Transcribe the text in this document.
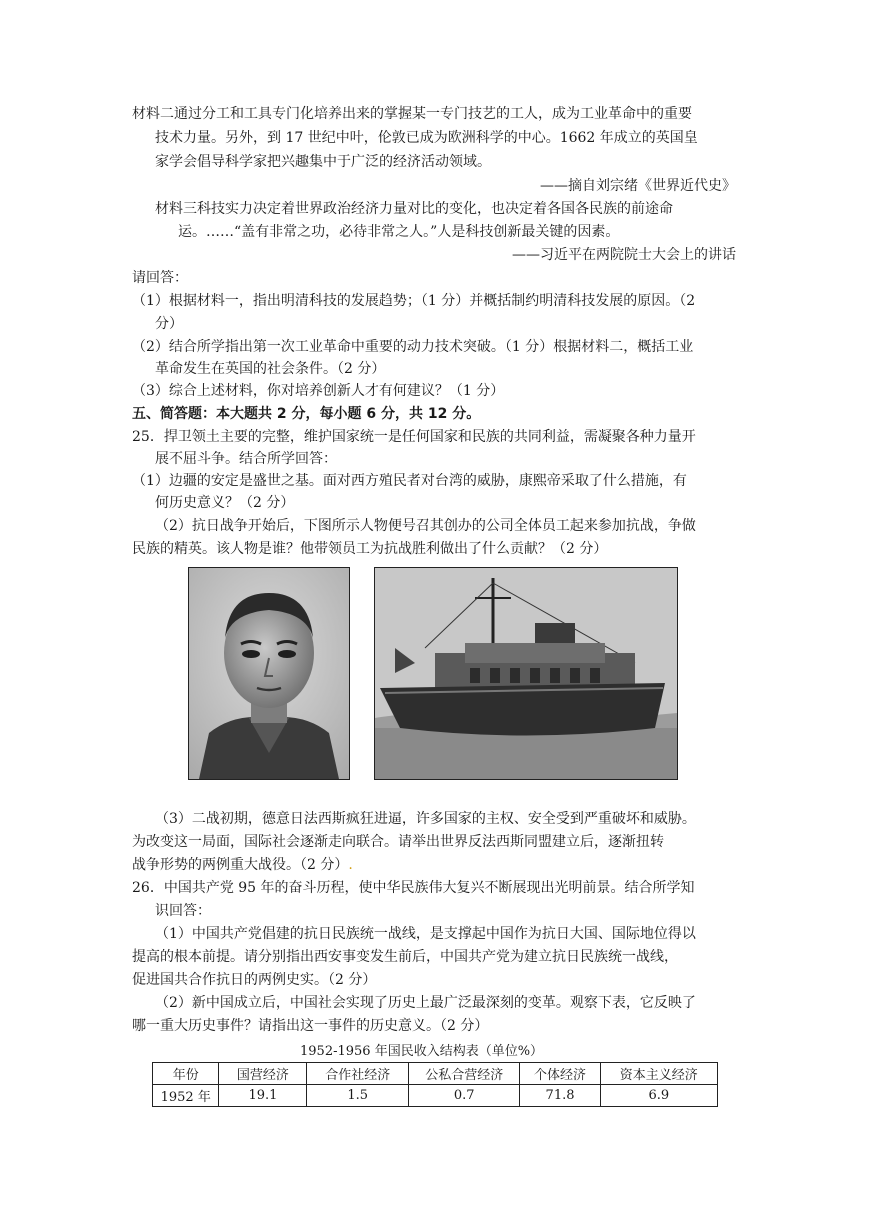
材料二通过分工和工具专门化培养出来的掌握某一专门技艺的工人，成为工业革命中的重要
技术力量。另外，到 17 世纪中叶，伦敦已成为欧洲科学的中心。1662 年成立的英国皇
家学会倡导科学家把兴趣集中于广泛的经济活动领域。
——摘自刘宗绪《世界近代史》
材料三科技实力决定着世界政治经济力量对比的变化，也决定着各国各民族的前途命
运。……“盖有非常之功，必待非常之人。”人是科技创新最关键的因素。
——习近平在两院院士大会上的讲话
请回答：
（1）根据材料一，指出明清科技的发展趋势；（1 分）并概括制约明清科技发展的原因。（2
分）
（2）结合所学指出第一次工业革命中重要的动力技术突破。（1 分）根据材料二，概括工业
革命发生在英国的社会条件。（2 分）
（3）综合上述材料，你对培养创新人才有何建议？（1 分）
五、简答题：本大题共 2 分，每小题 6 分，共 12 分。
25．捍卫领土主要的完整，维护国家统一是任何国家和民族的共同利益，需凝聚各种力量开
展不屈斗争。结合所学回答：
（1）边疆的安定是盛世之基。面对西方殖民者对台湾的威胁，康熙帝采取了什么措施，有
何历史意义？（2 分）
（2）抗日战争开始后，下图所示人物便号召其创办的公司全体员工起来参加抗战，争做
民族的精英。该人物是谁？他带领员工为抗战胜利做出了什么贡献？（2 分）
（3）二战初期，德意日法西斯疯狂进逼，许多国家的主权、安全受到严重破坏和威胁。
为改变这一局面，国际社会逐渐走向联合。请举出世界反法西斯同盟建立后，逐渐扭转
战争形势的两例重大战役。（2 分）.
26．中国共产党 95 年的奋斗历程，使中华民族伟大复兴不断展现出光明前景。结合所学知
识回答：
（1）中国共产党倡建的抗日民族统一战线，是支撑起中国作为抗日大国、国际地位得以
提高的根本前提。请分别指出西安事变发生前后，中国共产党为建立抗日民族统一战线，
促进国共合作抗日的两例史实。（2 分）
（2）新中国成立后，中国社会实现了历史上最广泛最深刻的变革。观察下表，它反映了
哪一重大历史事件？请指出这一事件的历史意义。（2 分）
1952-1956 年国民收入结构表（单位%）
年份	国营经济	合作社经济	公私合营经济	个体经济	资本主义经济
1952 年	19.1	1.5	0.7	71.8	6.9
